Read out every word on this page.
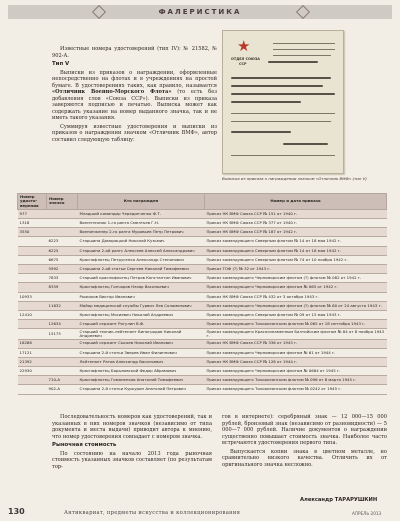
ФАЛЕРИСТИКА

Известные номера удостоверений (тип IV): № 21582, № 902-А.

Тип V

Выписки из приказов о награждении, оформленные непосредственно на флотах и в учреждениях на простой бумаге. В удостоверениях таких, как правило, называется «Отличник Военно-Морского Флота» (то есть без добавления слов «Союза ССР»). Выписки из приказа заверяются подписью и печатью. Выписка может как содержать указание на номер выданного значка, так и не иметь такого указания.

Суммируя известные удостоверения и выписки из приказов о награждении значком «Отличник ВМФ», автор составил следующую таблицу:

★
ОТДЕЛ СОЮЗА
ССР
Выписка из приказа о награждении значком «Отличник ВМФ» (тип V)
Номер удостоверения	Номер значка	Кто награжден	Номер и дата приказа
977		Младший командир Черединченко Ф.Т.	Приказ НК ВМФ Союза ССР № 151 от 1940 г.
1318		Военнтехник 1-го ранга Смелтьев Г.Н.	Приказ НК ВМФ Союза ССР № 377 от 1940 г.
3550		Военинженер 2-го ранга Муравьев Петр Петрович	Приказ НК ВМФ Союза ССР № 187 от 1942 г.
	6223	Старшина Доморацкий Николай Кузьмич	Приказ командующего Северным флотом № 14 от 18 мая 1942 г.
	6225	Старшина 2-ой рангс Алексеев Алексей Александрович	Приказ командующего Северным флотом № 14 от 18 мая 1942 г.
	6675	Краснофлотец Петрусенко Александр Степанович	Приказ командующего Северным флотом № 74 от 10 ноября 1942 г.
	5992	Старшина 2-ой статьи Сергеев Николай Тимофеевич	Приказ ТОФ (?) № 32 от 1943 г.
	7833	Старший краснофлотец Петров Константин Иванович	Приказ командующего Черноморским флотом (?) флотом № 082 от 1942 г.
	8359	Краснофлотец Гончаров Назар Васильевич	Приказ командующего Черноморским флотом № 065 от 1942 г.
10933		Рыжиков Виктор Иванович	Приказ НК ВМФ Союза ССР № 432 от 3 октября 1943 г.
	11632	Майор медицинской службы Гурвич Лев Соломонович	Приказ командующего Черноморским флотом (?) флотом № 60 от 24 августа 1943 г.
12410		Краснофлотец Мосиевич Николай Андреевич	Приказ командующего Северным флотом № 09 от 15 мая 1943 г.
	12634	Старший сержант Рогулин В.Ф.	Приказ командующего Тихоокеанским флотом № 065 от 18 сентября 1943 г.
	15175	Старший техник-лейтенант Виноградов Николай Андреевич	Приказ командующего Краснознаменным Балтийским флотом № 84 от 8 ноября 1943 г.
16288		Старший сержант Сысоев Николай Иванович	Приказ НК ВМФ Союза ССР № 336 от 1945 г.
17121		Старшина 2-й статьи Зверев Иван Филиппович	Приказ командующего Черноморским флотом № 61 от 1944 г.
21392		Лейтенант Ратов Александр Васильевич	Приказ НК ВМФ Союза ССР № 128 от 1944 г.
22930		Краснофлотец Барыловский Федор Абрамович	Приказ командующего Черноморским флотом № 0684 от 1945 г.
	710-А	Краснофлотец Гоманенков Анатолий Тимофеевич	Приказ командующего Тихоокеанским флотом № 096 от 8 марта 1945 г.
	902-А	Старшина 2-й статьи Куркурин Анатолий Петрович	Приказ командующего Тихоокеанским флотом № 0242 от 1945 г.

Последовательность номеров как удостоверений, так и указанных в них номеров значков (независимо от типа документа и места выдачи) приводит автора к мнению, что номер удостоверения совпадает с номером значка.

Рыночная стоимость

По состоянию на начало 2013 года рыночная стоимость указанных значков составляет (по результатам тор-

гов в интернете): серебряный знак — 12 000—15 000 рублей, бронзовый знак (независимо от разновидности) — 5 000—7 000 рублей. Наличие документов о награждении существенно повышает стоимость значка. Наиболее часто встречаются удостоверения первого типа.

Выпускается копии знака в цветном металле, но сравнительно низкого качества. Отличить их от оригинального значка несложно.

Александр ТАРАРУШКИН
130	Антиквариат, предметы искусства и коллекционирования	АПРЕЛЬ 2013
